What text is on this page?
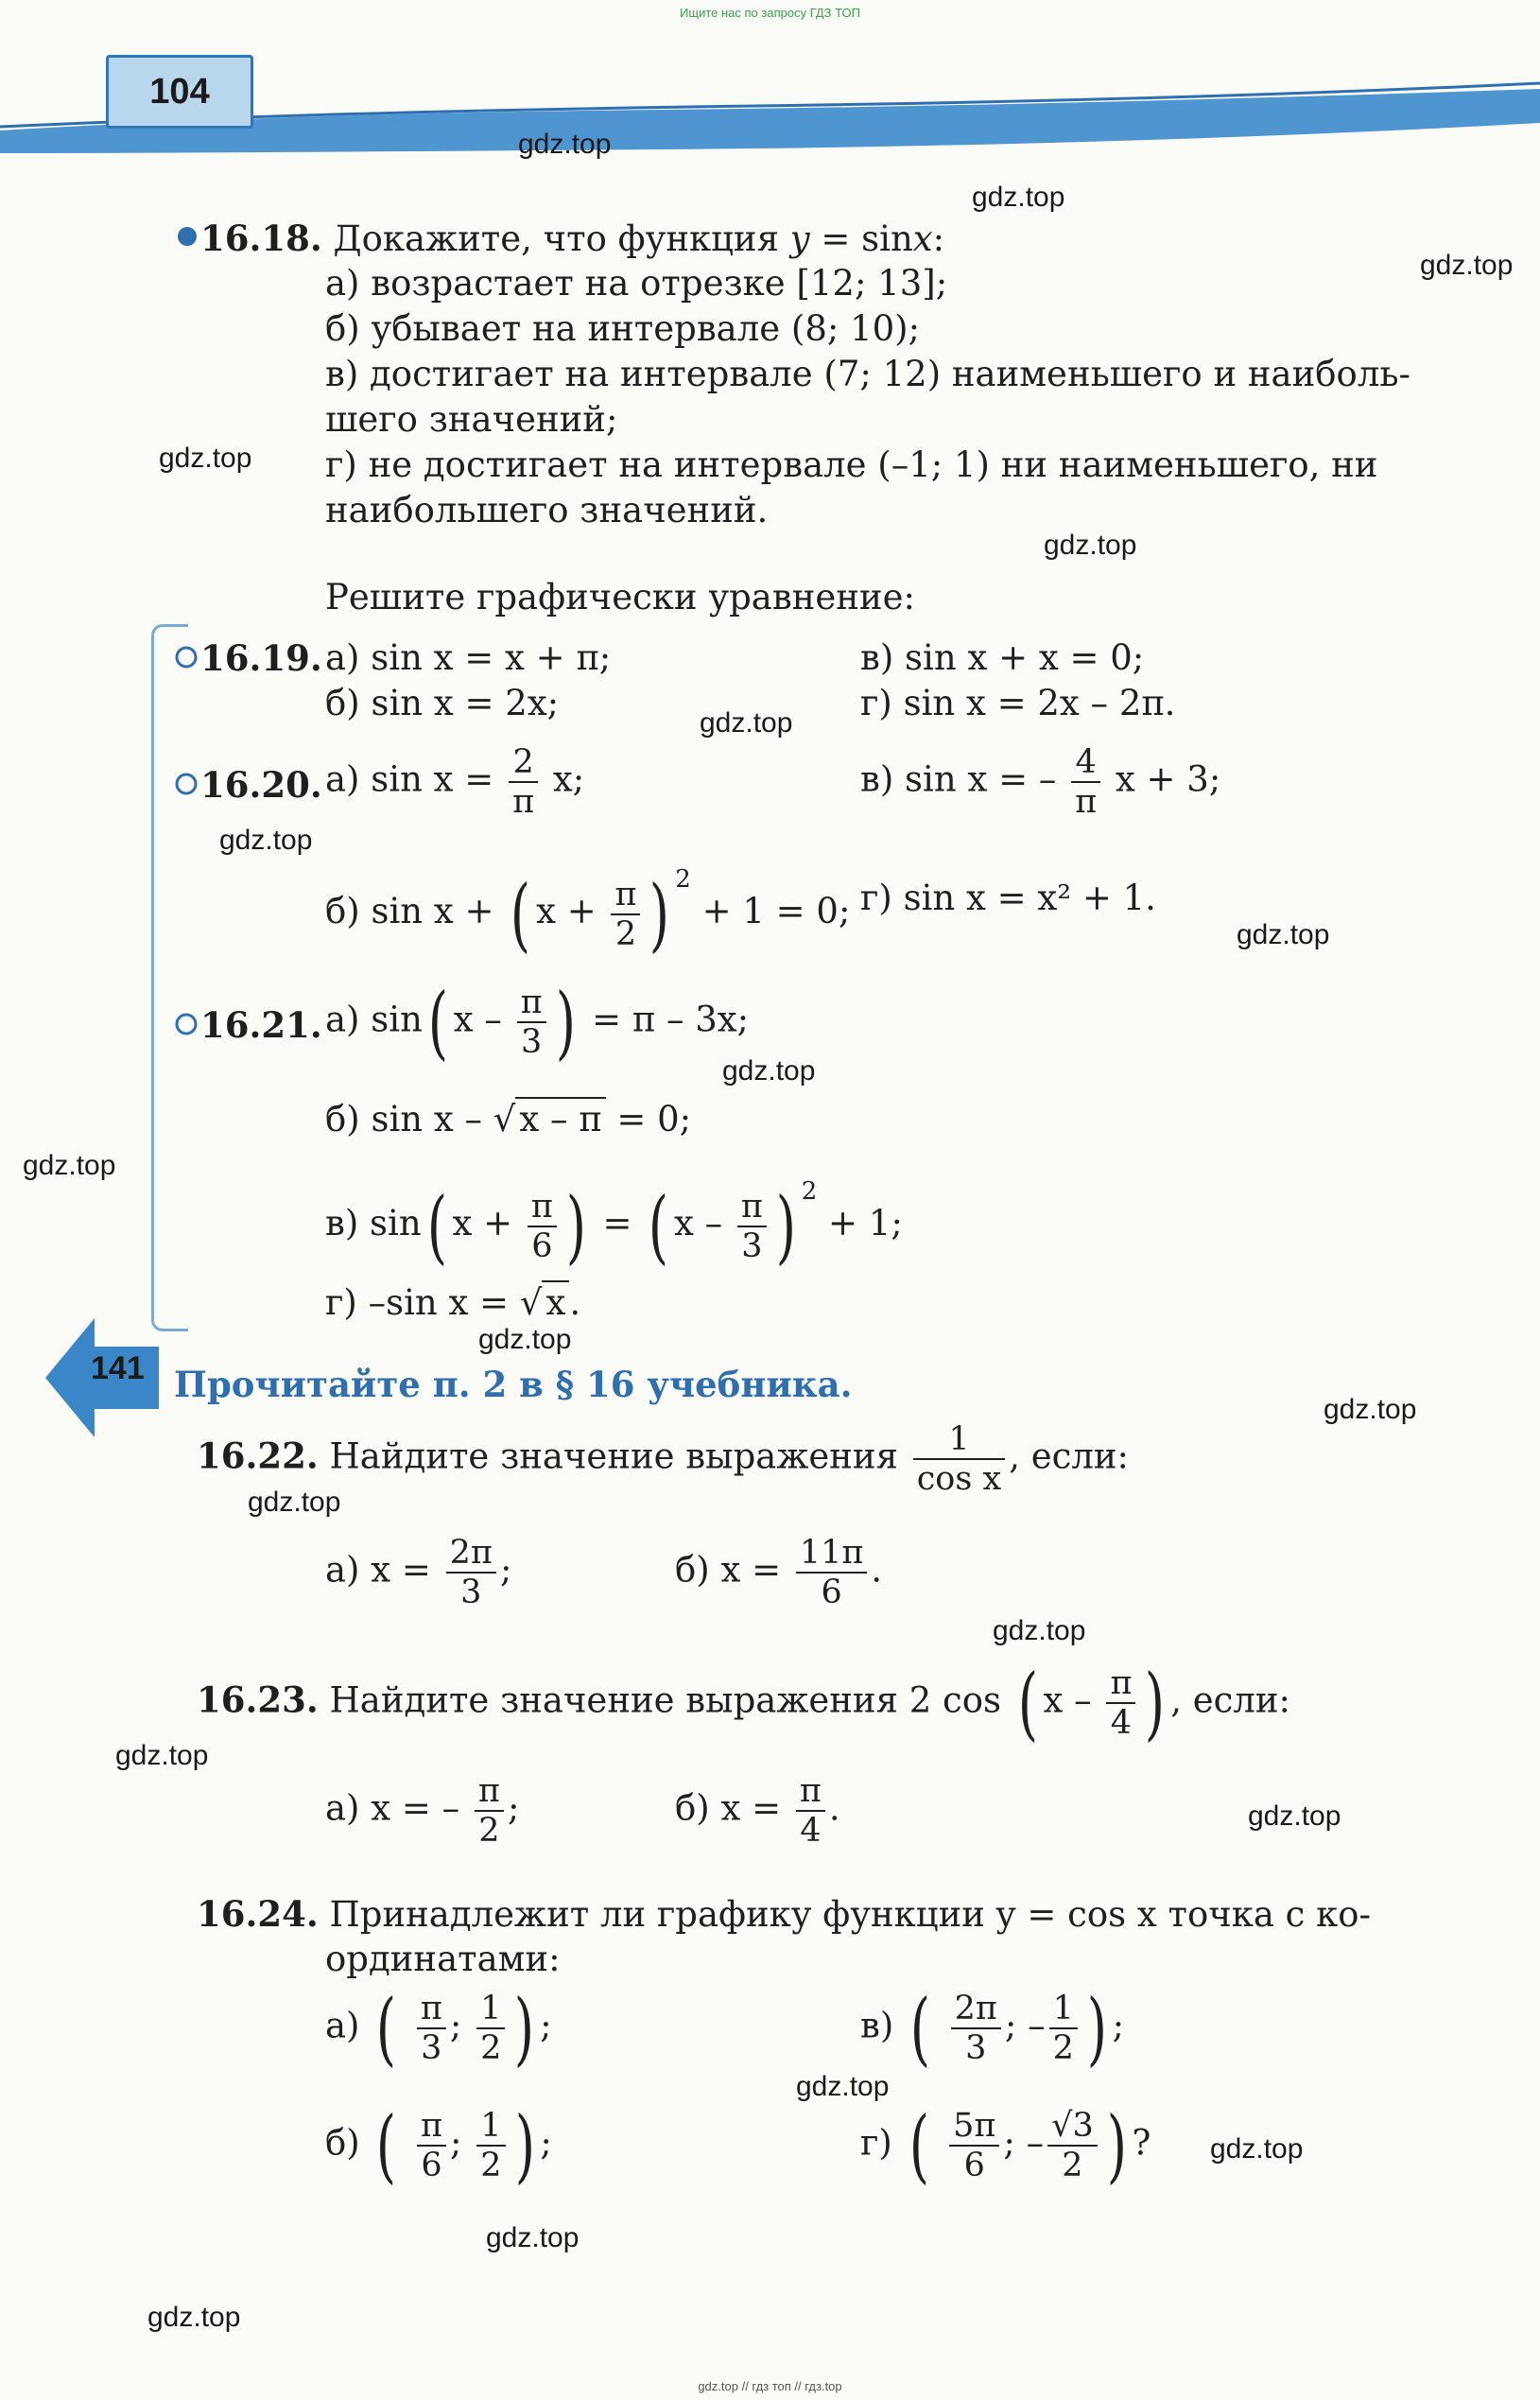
Ищите нас по запросу ГДЗ ТОП
104
gdz.top
gdz.top
gdz.top
gdz.top
gdz.top
gdz.top
gdz.top
gdz.top
gdz.top
gdz.top
gdz.top
gdz.top
gdz.top
gdz.top
gdz.top
gdz.top
gdz.top
gdz.top
gdz.top
gdz.top
16.18. Докажите, что функция y = sinx:
а) возрастает на отрезке [12; 13];
б) убывает на интервале (8; 10);
в) достигает на интервале (7; 12) наименьшего и наиболь-
шего значений;
г) не достигает на интервале (–1; 1) ни наименьшего, ни
наибольшего значений.
Решите графически уравнение:
16.19. а) sin x = x + π;	в) sin x + x = 0;
б) sin x = 2x;	г) sin x = 2x – 2π.
16.20. а) $\sin x = \frac{2}{\pi} x$;	в) sin x = – $\frac{4}{\pi}$ x + 3;
б) sin x + ( $x + \frac{\pi}{2}$ ) $^2$ + 1 = 0; г) sin x = x² + 1.
16.21. а) sin( x – $\frac{\pi}{3}$ ) = π – 3x;
б) sin x – √ x – π = 0;
в) sin( $x + \frac{\pi}{6}$ ) = ( x – $\frac{\pi}{3}$ ) $^2$ + 1;
г) –sin x = √ x .
141 Прочитайте п. 2 в § 16 учебника.
16.22. Найдите значение выражения $\frac{1}{\text{cos x}}$ , если:
а) $x = \frac{2\pi}{3}$ ;	б) $x = \frac{11\pi}{6}$ .
16.23. Найдите значение выражения 2 cos ( x – $\frac{\pi}{4}$ ) , если:
а) x = – $\frac{\pi}{2}$ ;	б) $x = \frac{\pi}{4}$ .
16.24. Принадлежит ли графику функции y = cos x точка с ко-
ординатами:
а) ( $\frac{\pi}{3}$ ; $\frac{1}{2}$ ) ;	в) ( $\frac{2\pi}{3}$ ; – $\frac{1}{2}$ ) ;
б) ( $\frac{\pi}{6}$ ; $\frac{1}{2}$ ) ;	г) ( $\frac{5\pi}{6}$ ; – $\frac{√3}{2}$ ) ?
gdz.top // гдз топ // гдз.top
